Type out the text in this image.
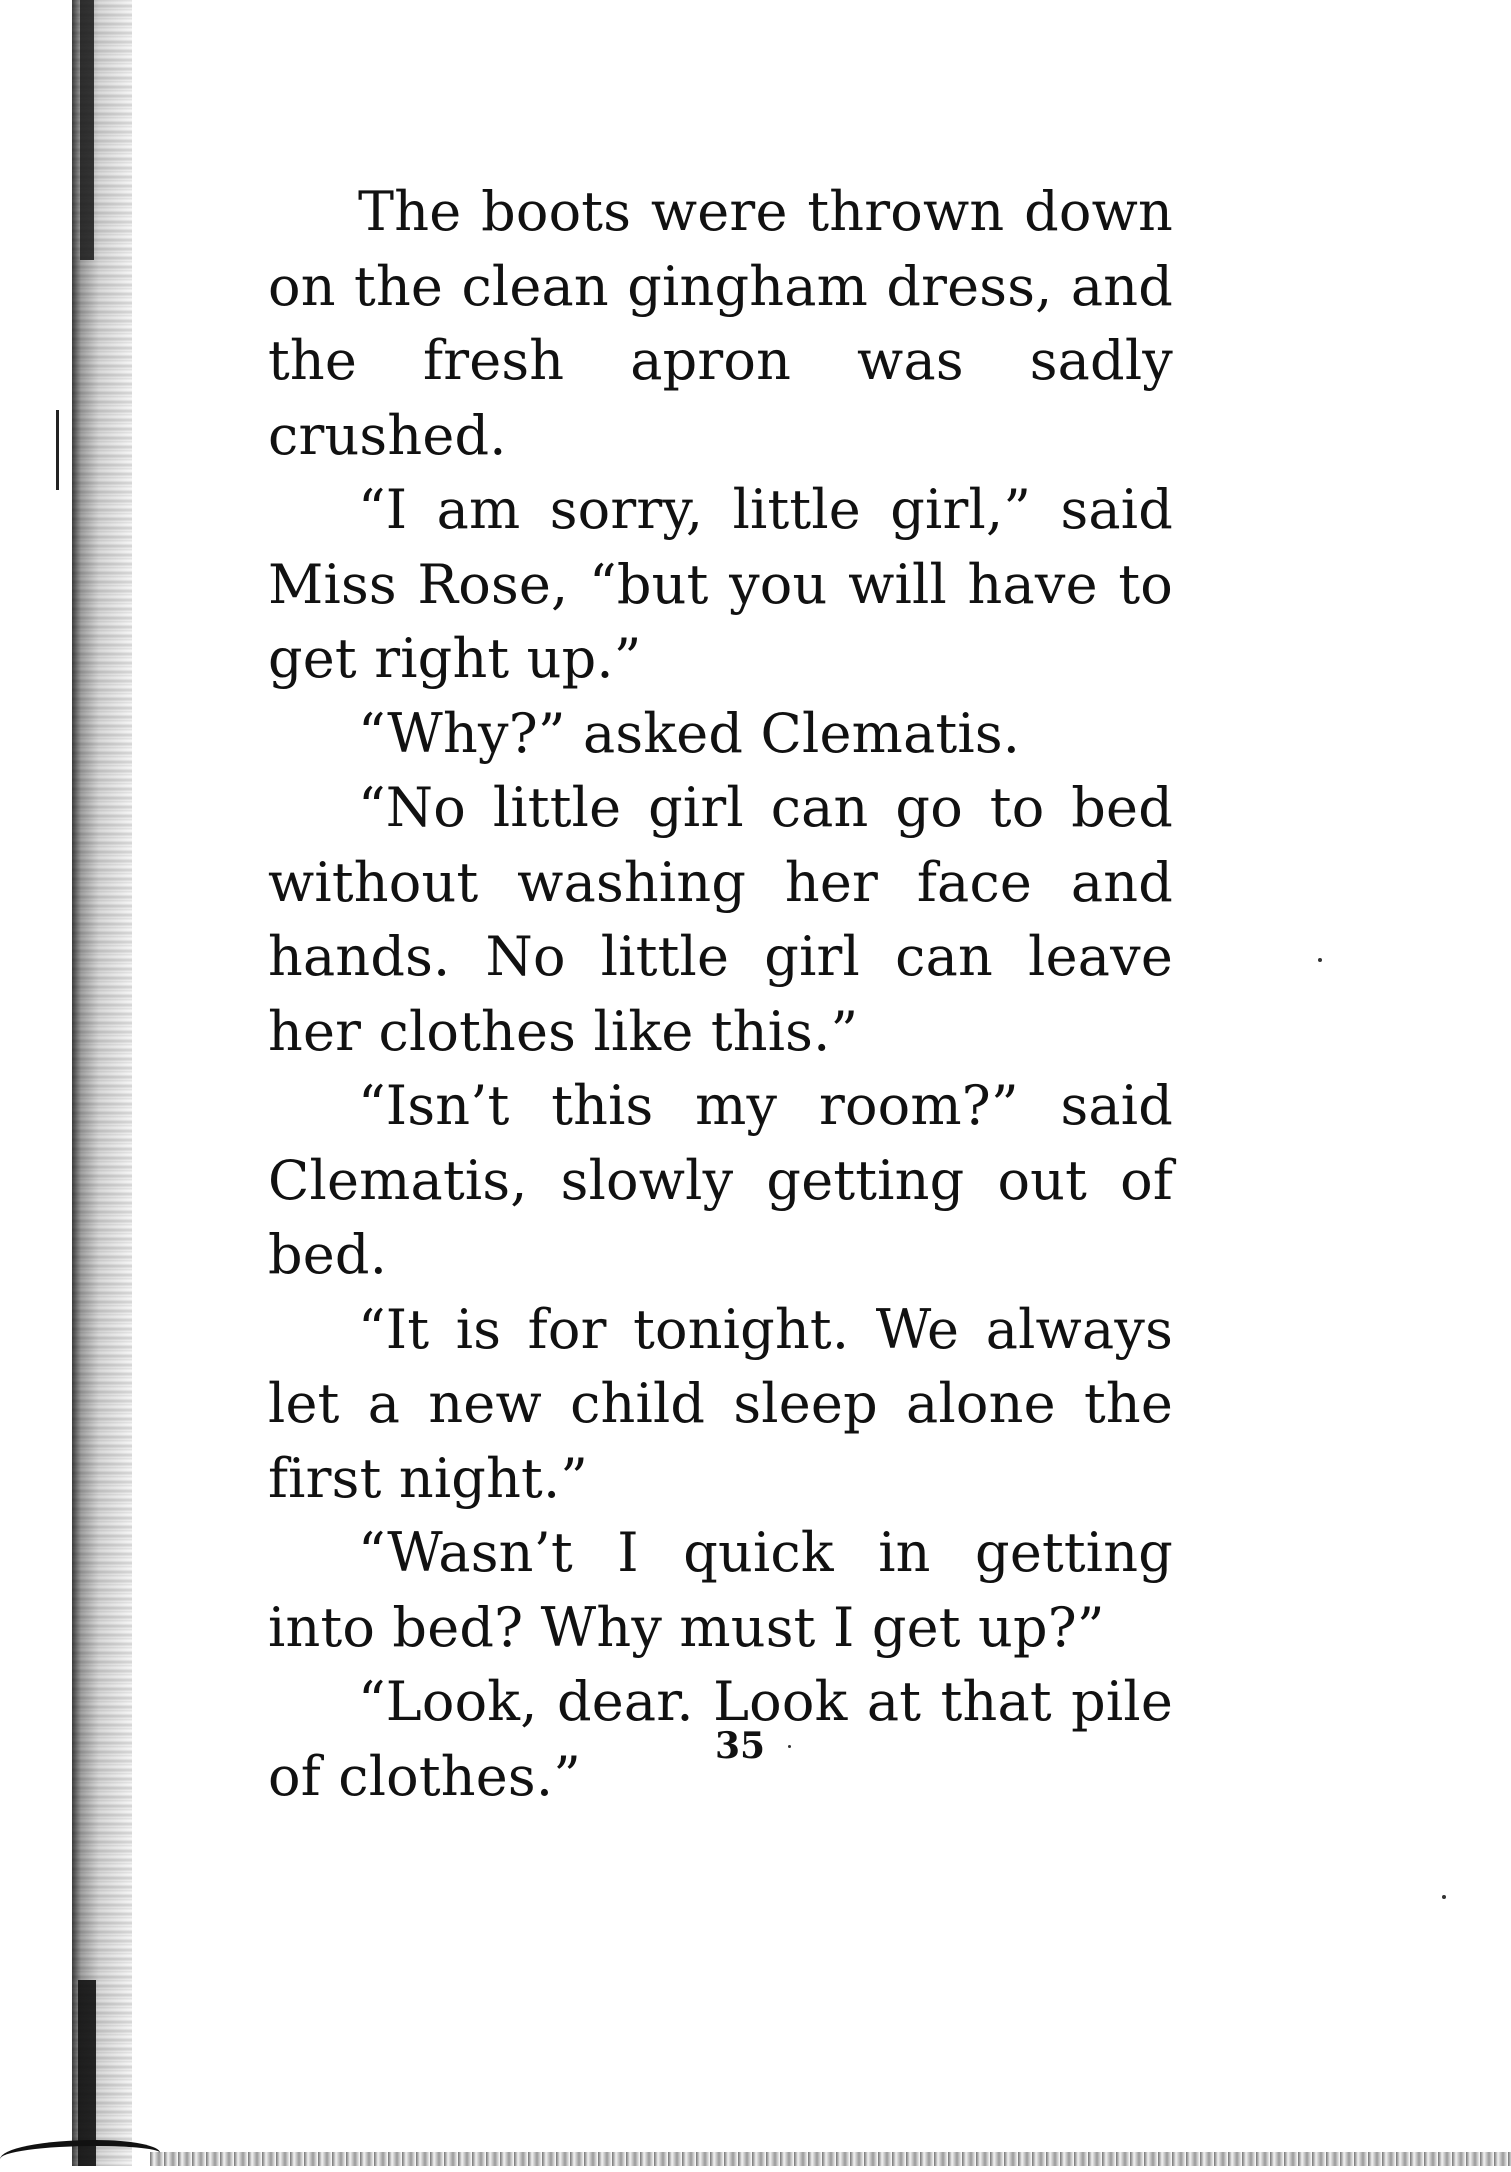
The boots were thrown down on the clean gingham dress, and the fresh apron was sadly crushed.

“I am sorry, little girl,” said Miss Rose, “but you will have to get right up.”

“Why?” asked Clematis.

“No little girl can go to bed without washing her face and hands. No little girl can leave her clothes like this.”

“Isn’t this my room?” said Clematis, slowly getting out of bed.

“It is for tonight. We always let a new child sleep alone the first night.”

“Wasn’t I quick in getting into bed? Why must I get up?”

“Look, dear. Look at that pile of clothes.”	35
